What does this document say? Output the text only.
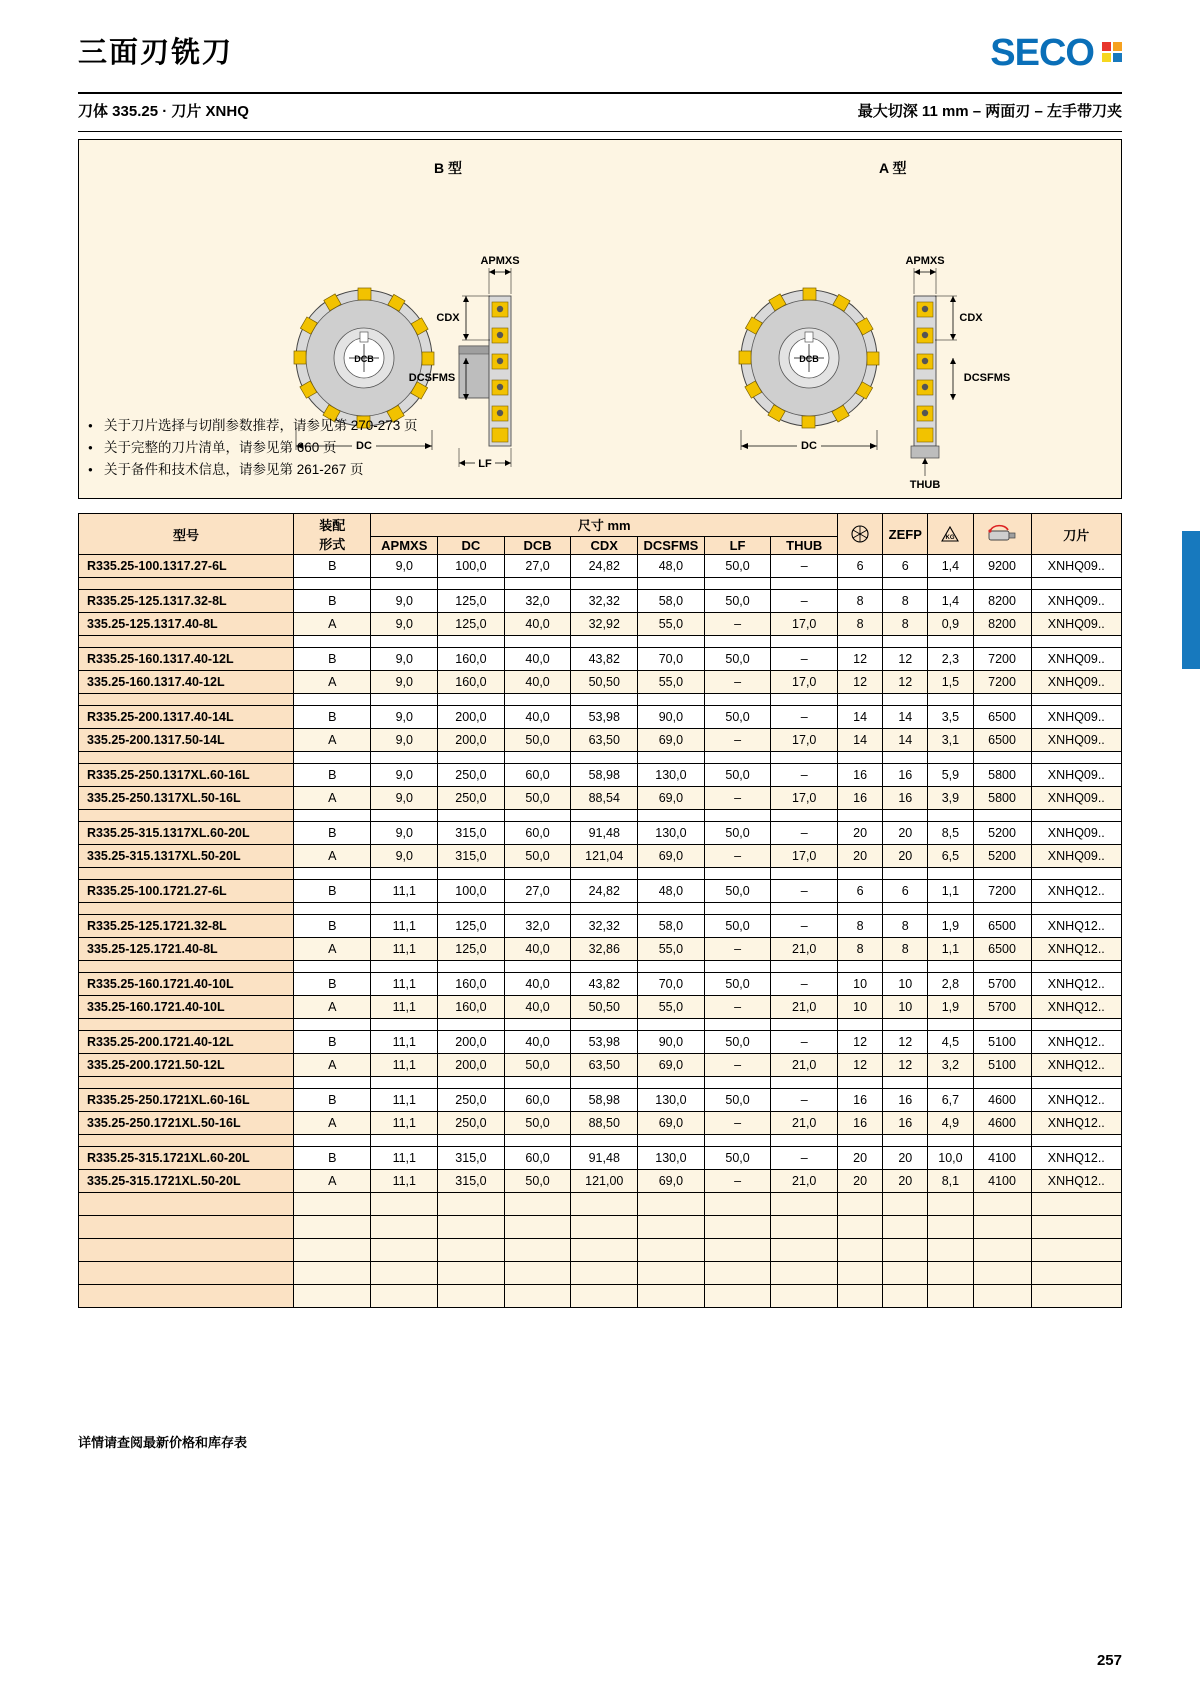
三面刃铣刀	SECO
刀体 335.25 · 刀片 XNHQ	最大切深 11 mm – 两面刃 – 左手带刀夹
B 型	A 型
DCB
DC
APMXS
CDX
DCSFMS
LF
DCB
DC
APMXS
CDX
DCSFMS
THUB
● 关于刀片选择与切削参数推荐，请参见第 270-273 页
● 关于完整的刀片清单，请参见第 660 页
● 关于备件和技术信息，请参见第 261-267 页
型号	装配
形式	尺寸 mm								ZEFP	KG		刀片
		APMXS	DC	DCB	CDX	DCSFMS	LF	THUB					
R335.25-100.1317.27-6L	B	9,0	100,0	27,0	24,82	48,0	50,0	–	6	6	1,4	9200	XNHQ09..

R335.25-125.1317.32-8L	B	9,0	125,0	32,0	32,32	58,0	50,0	–	8	8	1,4	8200	XNHQ09..
335.25-125.1317.40-8L	A	9,0	125,0	40,0	32,92	55,0	–	17,0	8	8	0,9	8200	XNHQ09..

R335.25-160.1317.40-12L	B	9,0	160,0	40,0	43,82	70,0	50,0	–	12	12	2,3	7200	XNHQ09..
335.25-160.1317.40-12L	A	9,0	160,0	40,0	50,50	55,0	–	17,0	12	12	1,5	7200	XNHQ09..

R335.25-200.1317.40-14L	B	9,0	200,0	40,0	53,98	90,0	50,0	–	14	14	3,5	6500	XNHQ09..
335.25-200.1317.50-14L	A	9,0	200,0	50,0	63,50	69,0	–	17,0	14	14	3,1	6500	XNHQ09..

R335.25-250.1317XL.60-16L	B	9,0	250,0	60,0	58,98	130,0	50,0	–	16	16	5,9	5800	XNHQ09..
335.25-250.1317XL.50-16L	A	9,0	250,0	50,0	88,54	69,0	–	17,0	16	16	3,9	5800	XNHQ09..

R335.25-315.1317XL.60-20L	B	9,0	315,0	60,0	91,48	130,0	50,0	–	20	20	8,5	5200	XNHQ09..
335.25-315.1317XL.50-20L	A	9,0	315,0	50,0	121,04	69,0	–	17,0	20	20	6,5	5200	XNHQ09..

R335.25-100.1721.27-6L	B	11,1	100,0	27,0	24,82	48,0	50,0	–	6	6	1,1	7200	XNHQ12..

R335.25-125.1721.32-8L	B	11,1	125,0	32,0	32,32	58,0	50,0	–	8	8	1,9	6500	XNHQ12..
335.25-125.1721.40-8L	A	11,1	125,0	40,0	32,86	55,0	–	21,0	8	8	1,1	6500	XNHQ12..

R335.25-160.1721.40-10L	B	11,1	160,0	40,0	43,82	70,0	50,0	–	10	10	2,8	5700	XNHQ12..
335.25-160.1721.40-10L	A	11,1	160,0	40,0	50,50	55,0	–	21,0	10	10	1,9	5700	XNHQ12..

R335.25-200.1721.40-12L	B	11,1	200,0	40,0	53,98	90,0	50,0	–	12	12	4,5	5100	XNHQ12..
335.25-200.1721.50-12L	A	11,1	200,0	50,0	63,50	69,0	–	21,0	12	12	3,2	5100	XNHQ12..

R335.25-250.1721XL.60-16L	B	11,1	250,0	60,0	58,98	130,0	50,0	–	16	16	6,7	4600	XNHQ12..
335.25-250.1721XL.50-16L	A	11,1	250,0	50,0	88,50	69,0	–	21,0	16	16	4,9	4600	XNHQ12..

R335.25-315.1721XL.60-20L	B	11,1	315,0	60,0	91,48	130,0	50,0	–	20	20	10,0	4100	XNHQ12..
335.25-315.1721XL.50-20L	A	11,1	315,0	50,0	121,00	69,0	–	21,0	20	20	8,1	4100	XNHQ12..

详情请查阅最新价格和库存表
257
